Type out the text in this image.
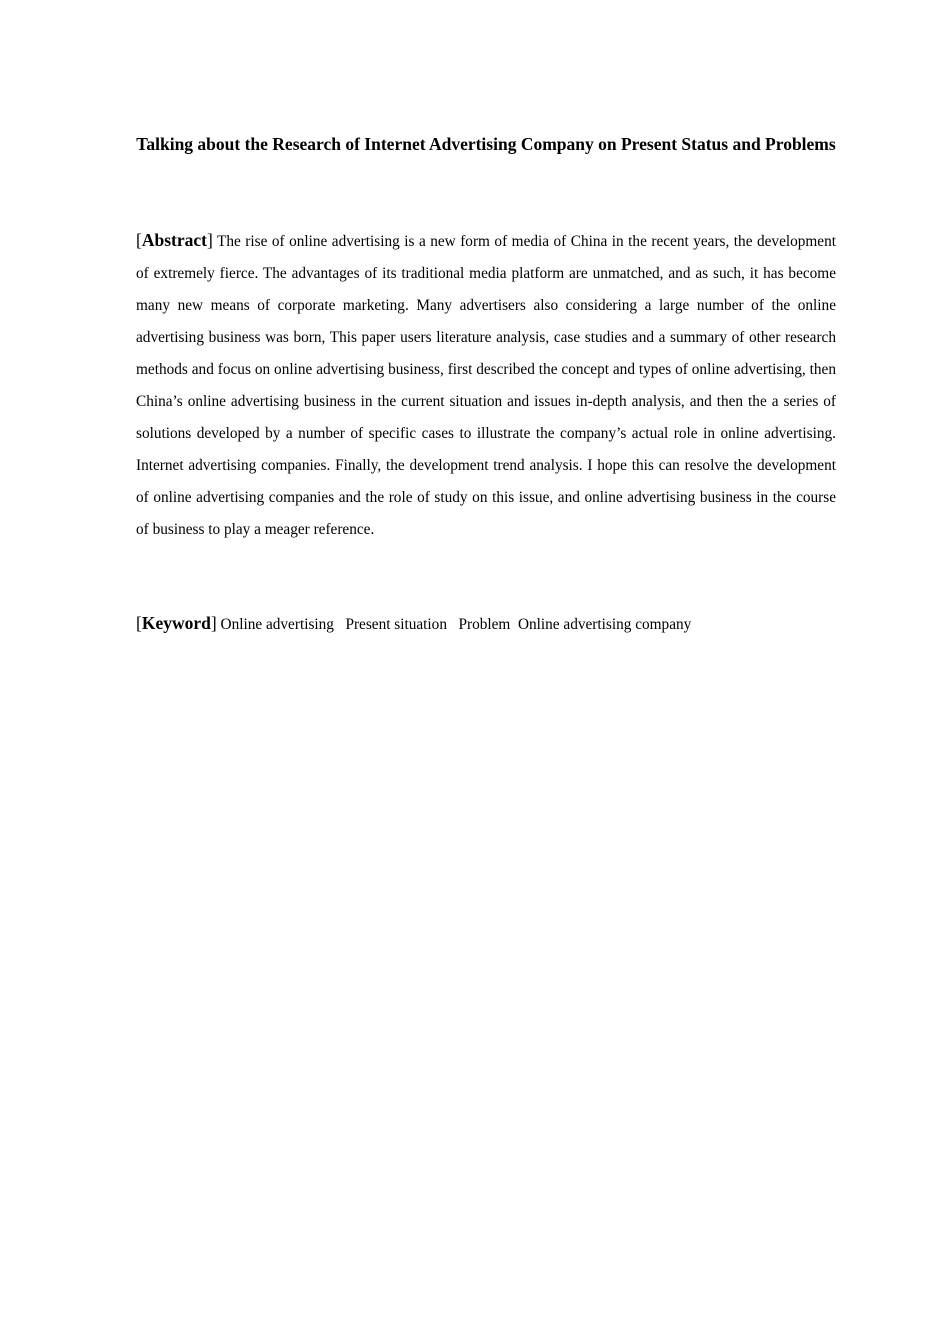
Talking about the Research of Internet Advertising Company on Present Status and Problems

[Abstract] The rise of online advertising is a new form of media of China in the recent years, the development of extremely fierce. The advantages of its traditional media platform are unmatched, and as such, it has become many new means of corporate marketing. Many advertisers also considering a large number of the online advertising business was born, This paper users literature analysis, case studies and a summary of other research methods and focus on online advertising business, first described the concept and types of online advertising, then China’s online advertising business in the current situation and issues in-depth analysis, and then the a series of solutions developed by a number of specific cases to illustrate the company’s actual role in online advertising. Internet advertising companies. Finally, the development trend analysis. I hope this can resolve the development of online advertising companies and the role of study on this issue, and online advertising business in the course of business to play a meager reference.

[Keyword] Online advertising Present situation Problem Online advertising company
